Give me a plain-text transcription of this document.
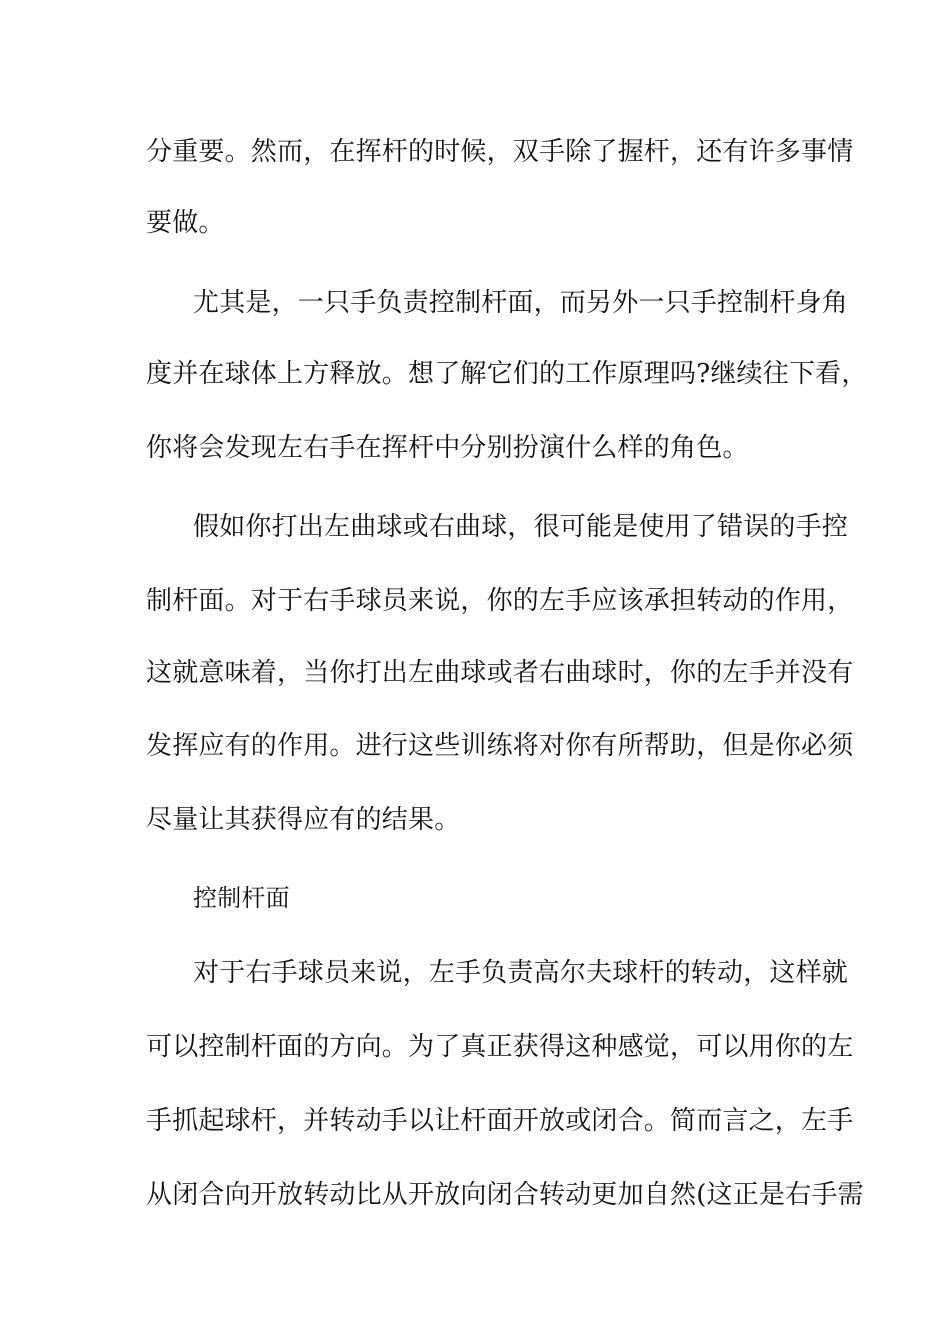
分重要。然而，在挥杆的时候，双手除了握杆，还有许多事情
要做。
尤其是，一只手负责控制杆面，而另外一只手控制杆身角
度并在球体上方释放。想了解它们的工作原理吗?继续往下看，
你将会发现左右手在挥杆中分别扮演什么样的角色。
假如你打出左曲球或右曲球，很可能是使用了错误的手控
制杆面。对于右手球员来说，你的左手应该承担转动的作用，
这就意味着，当你打出左曲球或者右曲球时，你的左手并没有
发挥应有的作用。进行这些训练将对你有所帮助，但是你必须
尽量让其获得应有的结果。
控制杆面
对于右手球员来说，左手负责高尔夫球杆的转动，这样就
可以控制杆面的方向。为了真正获得这种感觉，可以用你的左
手抓起球杆，并转动手以让杆面开放或闭合。简而言之，左手
从闭合向开放转动比从开放向闭合转动更加自然(这正是右手需
